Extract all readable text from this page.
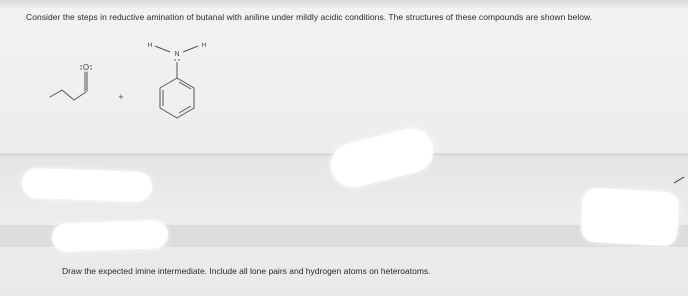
Consider the steps in reductive amination of butanal with aniline under mildly acidic conditions. The structures of these compounds are shown below.
O
+
H	H
N
Draw the expected imine intermediate. Include all lone pairs and hydrogen atoms on heteroatoms.
